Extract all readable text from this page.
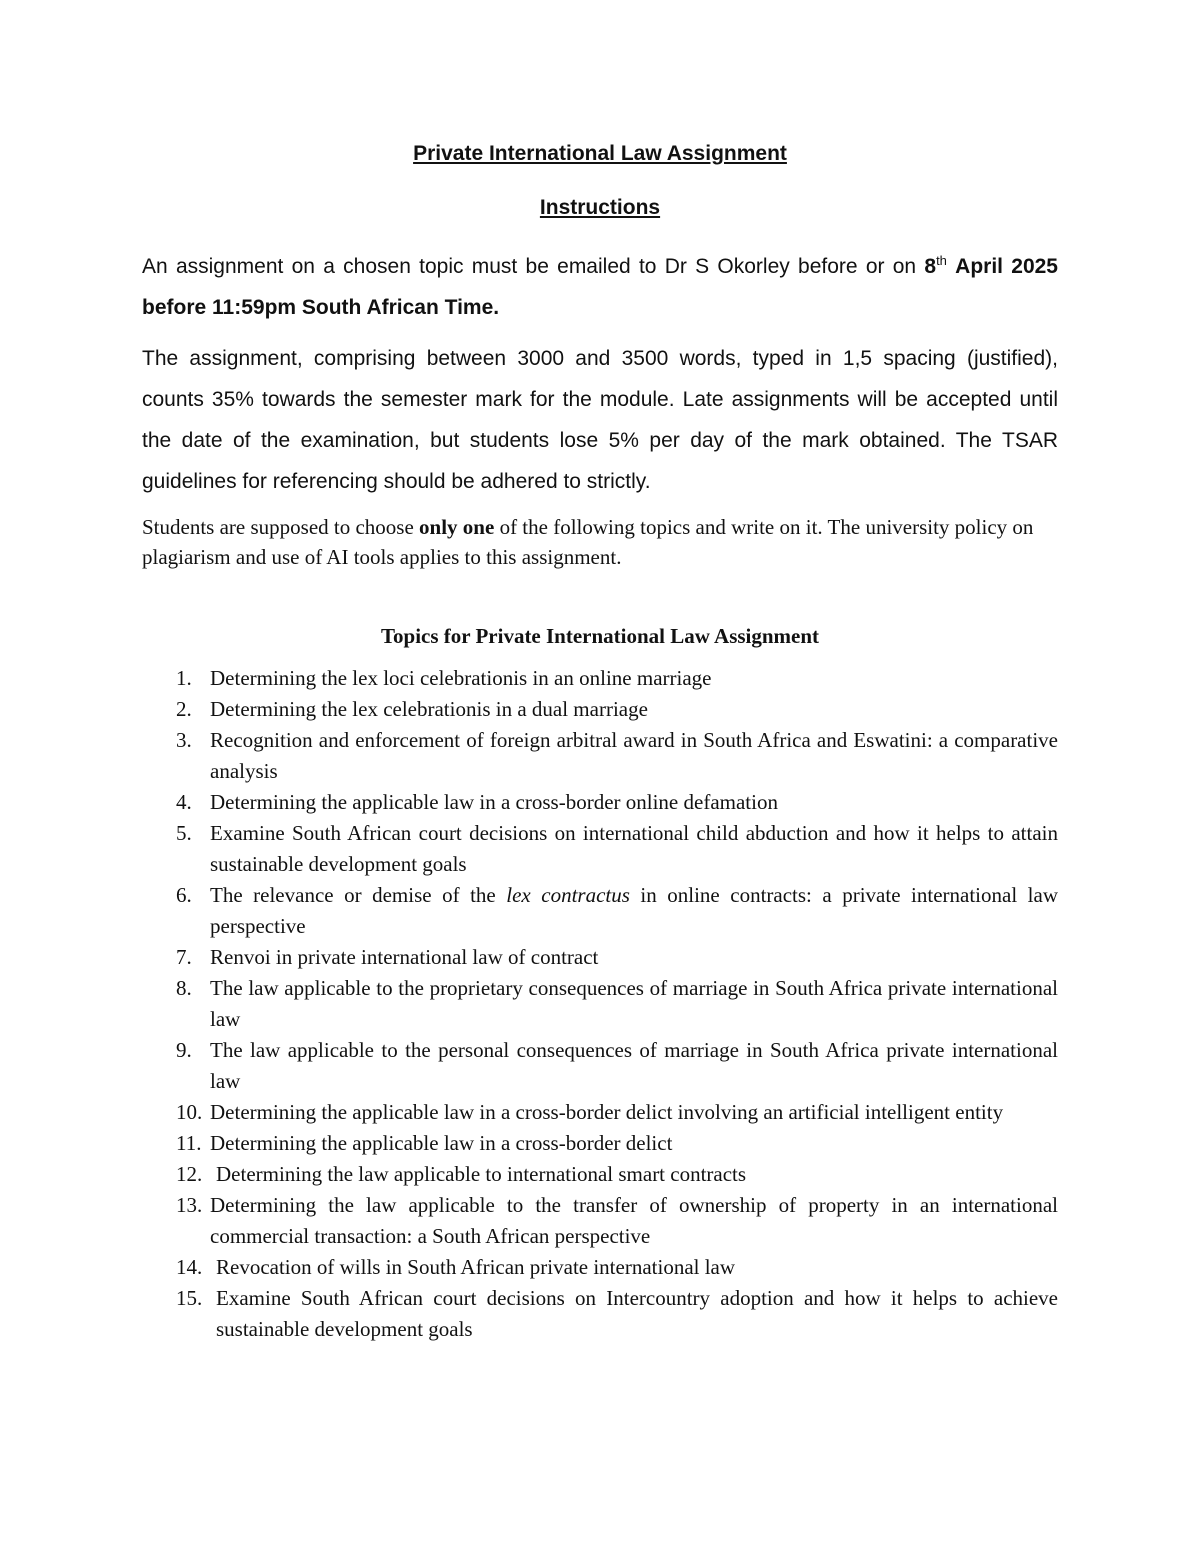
Private International Law Assignment

Instructions

An assignment on a chosen topic must be emailed to Dr S Okorley before or on 8th April 2025 before 11:59pm South African Time.

The assignment, comprising between 3000 and 3500 words, typed in 1,5 spacing (justified), counts 35% towards the semester mark for the module. Late assignments will be accepted until the date of the examination, but students lose 5% per day of the mark obtained. The TSAR guidelines for referencing should be adhered to strictly.

Students are supposed to choose only one of the following topics and write on it. The university policy on plagiarism and use of AI tools applies to this assignment.

Topics for Private International Law Assignment

1. Determining the lex loci celebrationis in an online marriage
2. Determining the lex celebrationis in a dual marriage
3. Recognition and enforcement of foreign arbitral award in South Africa and Eswatini: a comparative analysis
4. Determining the applicable law in a cross-border online defamation
5. Examine South African court decisions on international child abduction and how it helps to attain sustainable development goals
6. The relevance or demise of the lex contractus in online contracts: a private international law perspective
7. Renvoi in private international law of contract
8. The law applicable to the proprietary consequences of marriage in South Africa private international law
9. The law applicable to the personal consequences of marriage in South Africa private international law
10. Determining the applicable law in a cross-border delict involving an artificial intelligent entity
11. Determining the applicable law in a cross-border delict
12. Determining the law applicable to international smart contracts
13. Determining the law applicable to the transfer of ownership of property in an international commercial transaction: a South African perspective
14. Revocation of wills in South African private international law
15. Examine South African court decisions on Intercountry adoption and how it helps to achieve sustainable development goals
